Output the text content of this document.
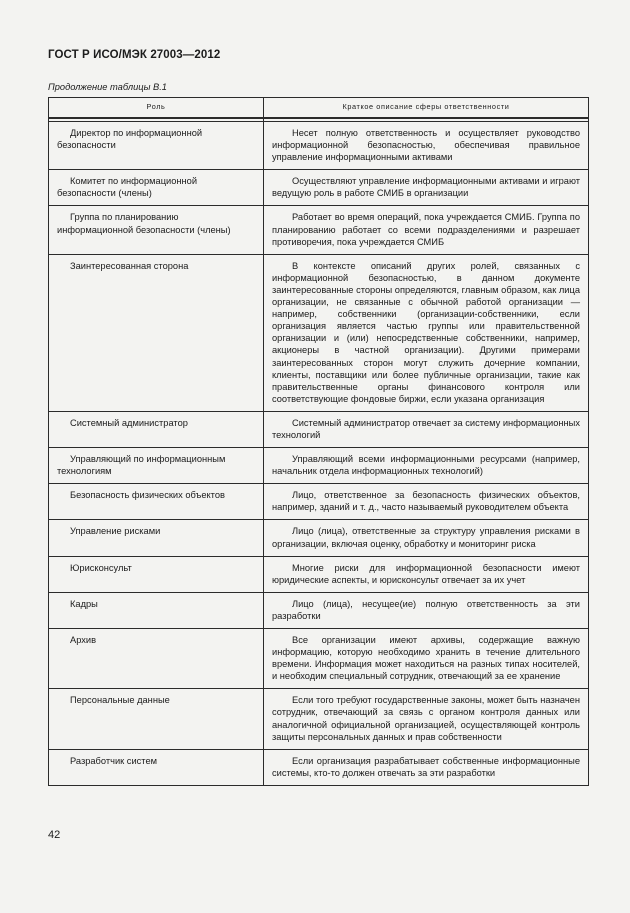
ГОСТ Р ИСО/МЭК 27003—2012
Продолжение таблицы В.1
Роль	Краткое описание сферы ответственности

Директор по информационной безопасности	Несет полную ответственность и осуществляет руководство информационной безопасностью, обеспечивая правильное управление информационными активами

Комитет по информационной безопасности (члены)	Осуществляют управление информационными активами и играют ведущую роль в работе СМИБ в организации

Группа по планированию информационной безопасности (члены)	Работает во время операций, пока учреждается СМИБ. Группа по планированию работает со всеми подразделениями и разрешает противоречия, пока учреждается СМИБ

Заинтересованная сторона	В контексте описаний других ролей, связанных с информационной безопасностью, в данном документе заинтересованные стороны определяются, главным образом, как лица организации, не связанные с обычной работой организации — например, собственники (организации-собственники, если организация является частью группы или правительственной организации и (или) непосредственные собственники, например, акционеры в частной организации). Другими примерами заинтересованных сторон могут служить дочерние компании, клиенты, поставщики или более публичные организации, такие как правительственные органы финансового контроля или соответствующие фондовые биржи, если указана организация

Системный администратор	Системный администратор отвечает за систему информационных технологий

Управляющий по информационным технологиям	Управляющий всеми информационными ресурсами (например, начальник отдела информационных технологий)

Безопасность физических объектов	Лицо, ответственное за безопасность физических объектов, например, зданий и т. д., часто называемый руководителем объекта

Управление рисками	Лицо (лица), ответственные за структуру управления рисками в организации, включая оценку, обработку и мониторинг риска

Юрисконсульт	Многие риски для информационной безопасности имеют юридические аспекты, и юрисконсульт отвечает за их учет

Кадры	Лицо (лица), несущее(ие) полную ответственность за эти разработки

Архив	Все организации имеют архивы, содержащие важную информацию, которую необходимо хранить в течение длительного времени. Информация может находиться на разных типах носителей, и необходим специальный сотрудник, отвечающий за ее хранение

Персональные данные	Если того требуют государственные законы, может быть назначен сотрудник, отвечающий за связь с органом контроля данных или аналогичной официальной организацией, осуществляющей контроль защиты персональных данных и прав собственности

Разработчик систем	Если организация разрабатывает собственные информационные системы, кто-то должен отвечать за эти разработки
42
